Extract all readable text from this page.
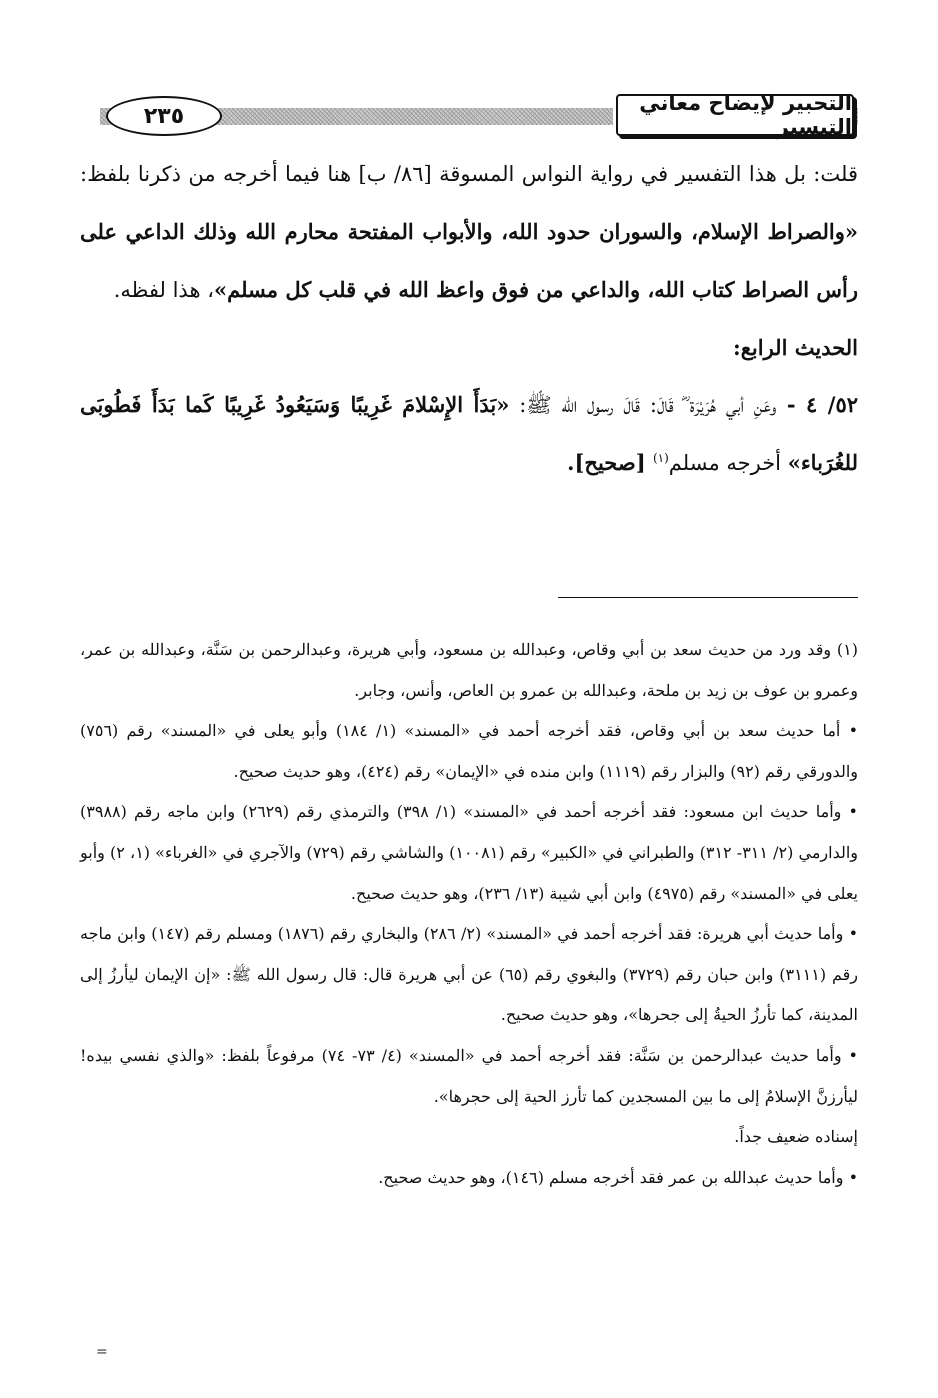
التحبير لإيضاح معاني التيسير
٢٣٥

قلت: بل هذا التفسير في رواية النواس المسوقة [٨٦/ ب] هنا فيما أخرجه من ذكرنا بلفظ: «والصراط الإسلام، والسوران حدود الله، والأبواب المفتحة محارم الله وذلك الداعي على رأس الصراط كتاب الله، والداعي من فوق واعظ الله في قلب كل مسلم»، هذا لفظه.

الحديث الرابع:

٥٢/ ٤ - وعَنِ أبي هُرَيْرَة ؓ قَالَ: قَالَ رسول الله ﷺ: «بَدَأَ الإِسْلامَ غَرِيبًا وَسَيَعُودُ غَرِيبًا كَما بَدَأَ فَطُوبَى للغُرَباء» أخرجه مسلم$^{(١)}$ [صحيح].

(١) وقد ورد من حديث سعد بن أبي وقاص، وعبدالله بن مسعود، وأبي هريرة، وعبدالرحمن بن سَنَّة، وعبدالله بن عمر، وعمرو بن عوف بن زيد بن ملحة، وعبدالله بن عمرو بن العاص، وأنس، وجابر.

• أما حديث سعد بن أبي وقاص، فقد أخرجه أحمد في «المسند» (١/ ١٨٤) وأبو يعلى في «المسند» رقم (٧٥٦) والدورقي رقم (٩٢) والبزار رقم (١١١٩) وابن منده في «الإيمان» رقم (٤٢٤)، وهو حديث صحيح.

• وأما حديث ابن مسعود: فقد أخرجه أحمد في «المسند» (١/ ٣٩٨) والترمذي رقم (٢٦٢٩) وابن ماجه رقم (٣٩٨٨) والدارمي (٢/ ٣١١- ٣١٢) والطبراني في «الكبير» رقم (١٠٠٨١) والشاشي رقم (٧٢٩) والآجري في «الغرباء» (١، ٢) وأبو يعلى في «المسند» رقم (٤٩٧٥) وابن أبي شيبة (١٣/ ٢٣٦)، وهو حديث صحيح.

• وأما حديث أبي هريرة: فقد أخرجه أحمد في «المسند» (٢/ ٢٨٦) والبخاري رقم (١٨٧٦) ومسلم رقم (١٤٧) وابن ماجه رقم (٣١١١) وابن حبان رقم (٣٧٢٩) والبغوي رقم (٦٥) عن أبي هريرة قال: قال رسول الله ﷺ: «إن الإيمان ليأرزُ إلى المدينة، كما تأرزُ الحيةُ إلى جحرها»، وهو حديث صحيح.

• وأما حديث عبدالرحمن بن سَنَّة: فقد أخرجه أحمد في «المسند» (٤/ ٧٣- ٧٤) مرفوعاً بلفظ: «والذي نفسي بيده! ليأرزنَّ الإسلامُ إلى ما بين المسجدين كما تأرز الحية إلى حجرها».

إسناده ضعيف جداً.

• وأما حديث عبدالله بن عمر فقد أخرجه مسلم (١٤٦)، وهو حديث صحيح.

=
